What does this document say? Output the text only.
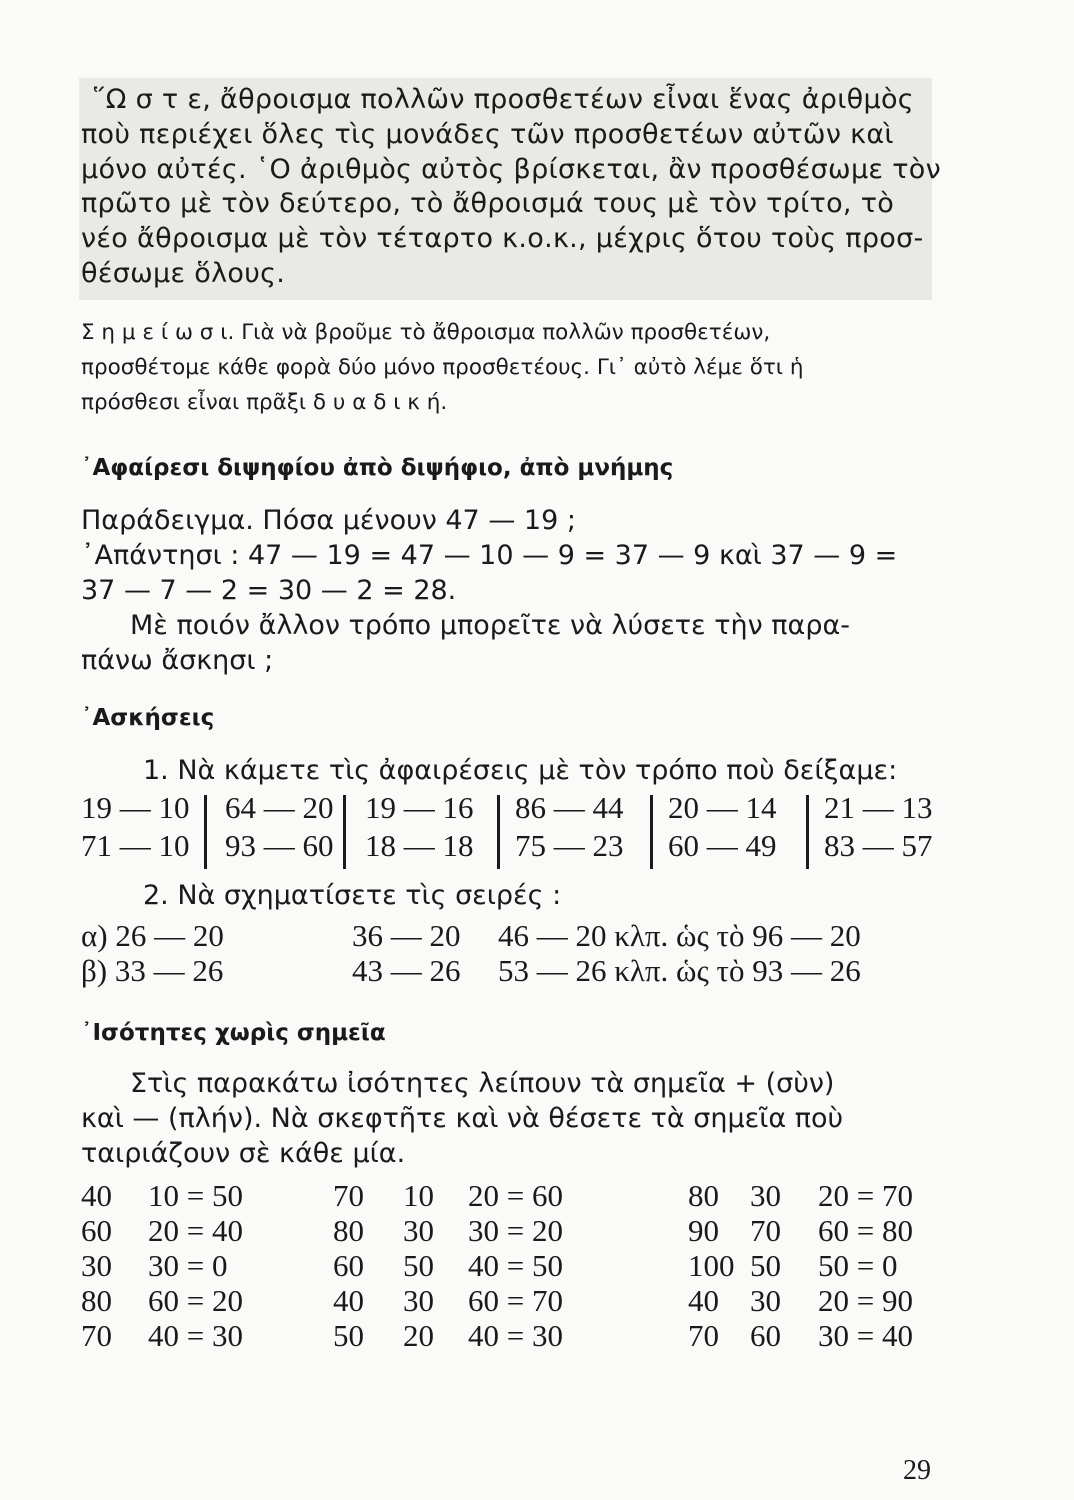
῞Ω σ τ ε, ἄθροισμα πολλῶν προσθετέων εἶναι ἕνας ἀριθμὸς
ποὺ περιέχει ὅλες τὶς μονάδες τῶν προσθετέων αὐτῶν καὶ
μόνο αὐτές. ῾Ο ἀριθμὸς αὐτὸς βρίσκεται, ἂν προσθέσωμε τὸν
πρῶτο μὲ τὸν δεύτερο, τὸ ἄθροισμά τους μὲ τὸν τρίτο, τὸ
νέο ἄθροισμα μὲ τὸν τέταρτο κ.ο.κ., μέχρις ὅτου τοὺς προσ-
θέσωμε ὅλους.
Σ η μ ε ί ω σ ι. Γιὰ νὰ βροῦμε τὸ ἄθροισμα πολλῶν προσθετέων,
προσθέτομε κάθε φορὰ δύο μόνο προσθετέους. Γι᾽ αὐτὸ λέμε ὅτι ἡ
πρόσθεσι εἶναι πρᾶξι δ υ α δ ι κ ή.
᾿Αφαίρεσι διψηφίου ἀπὸ διψήφιο, ἀπὸ μνήμης
Παράδειγμα. Πόσα μένουν 47 — 19 ;
᾿Απάντησι : 47 — 19 = 47 — 10 — 9 = 37 — 9 καὶ 37 — 9 =
37 — 7 — 2 = 30 — 2 = 28.
Μὲ ποιόν ἄλλον τρόπο μπορεῖτε νὰ λύσετε τὴν παρα-
πάνω ἄσκησι ;
᾿Ασκήσεις
1. Νὰ κάμετε τὶς ἀφαιρέσεις μὲ τὸν τρόπο ποὺ δείξαμε:
19 — 10 64 — 20 19 — 16 86 — 44 20 — 14 21 — 13
71 — 10 93 — 60 18 — 18 75 — 23 60 — 49 83 — 57
2. Νὰ σχηματίσετε τὶς σειρές :
α) 26 — 20	36 — 20 46 — 20 κλπ. ὡς τὸ 96 — 20
β) 33 — 26	43 — 26 53 — 26 κλπ. ὡς τὸ 93 — 26
᾿Ισότητες χωρὶς σημεῖα
Στὶς παρακάτω ἰσότητες λείπουν τὰ σημεῖα + (σὺν)
καὶ — (πλήν). Νὰ σκεφτῆτε καὶ νὰ θέσετε τὰ σημεῖα ποὺ
ταιριάζουν σὲ κάθε μία.
40 10 = 50	70 10 20 = 60	80 30 20 = 70
60 20 = 40	80 30 30 = 20	90 70 60 = 80
30 30 = 0	60 50 40 = 50	100 50 50 = 0
80 60 = 20	40 30 60 = 70	40 30 20 = 90
70 40 = 30	50 20 40 = 30	70 60 30 = 40
29
